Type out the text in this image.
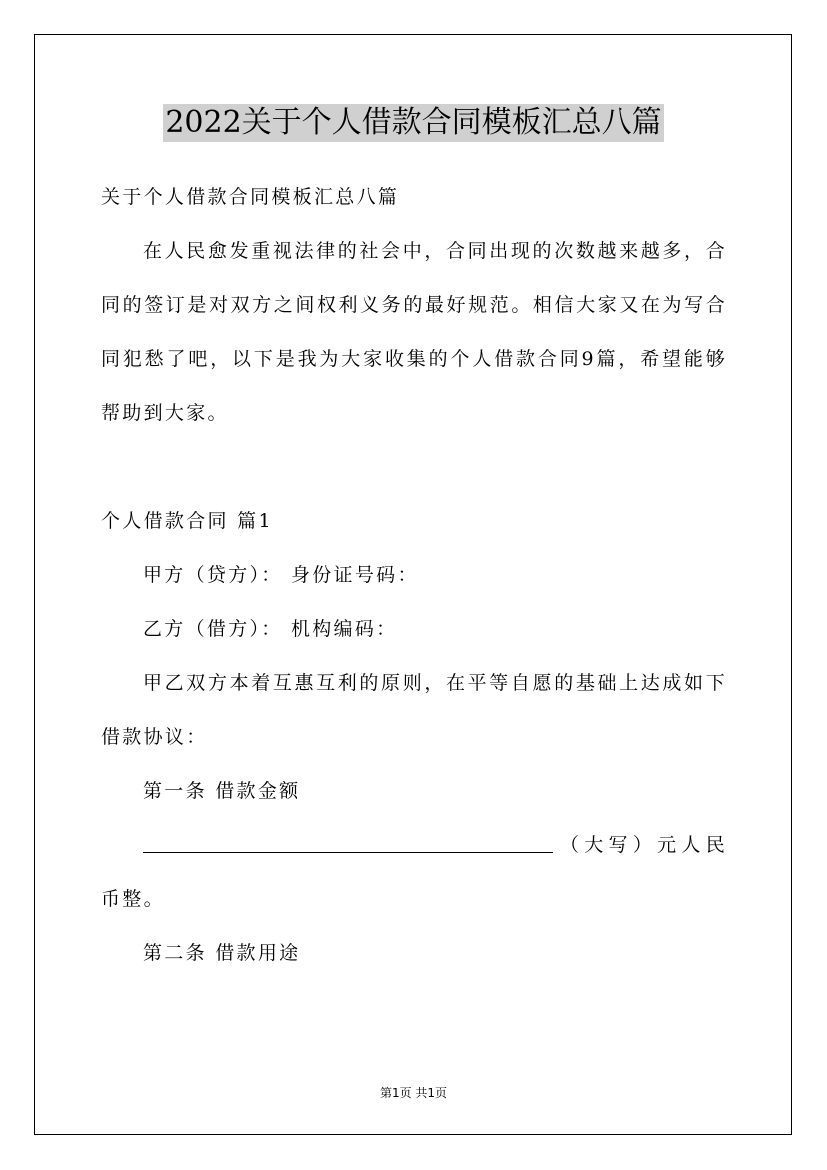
2022关于个人借款合同模板汇总八篇

关于个人借款合同模板汇总八篇

在人民愈发重视法律的社会中，合同出现的次数越来越多，合同的签订是对双方之间权利义务的最好规范。相信大家又在为写合同犯愁了吧，以下是我为大家收集的个人借款合同9篇，希望能够帮助到大家。

个人借款合同 篇1

甲方（贷方）： 身份证号码：

乙方（借方）： 机构编码：

甲乙双方本着互惠互利的原则，在平等自愿的基础上达成如下借款协议：

第一条 借款金额

（大写）元人民币整。

第二条 借款用途

第1页 共1页
